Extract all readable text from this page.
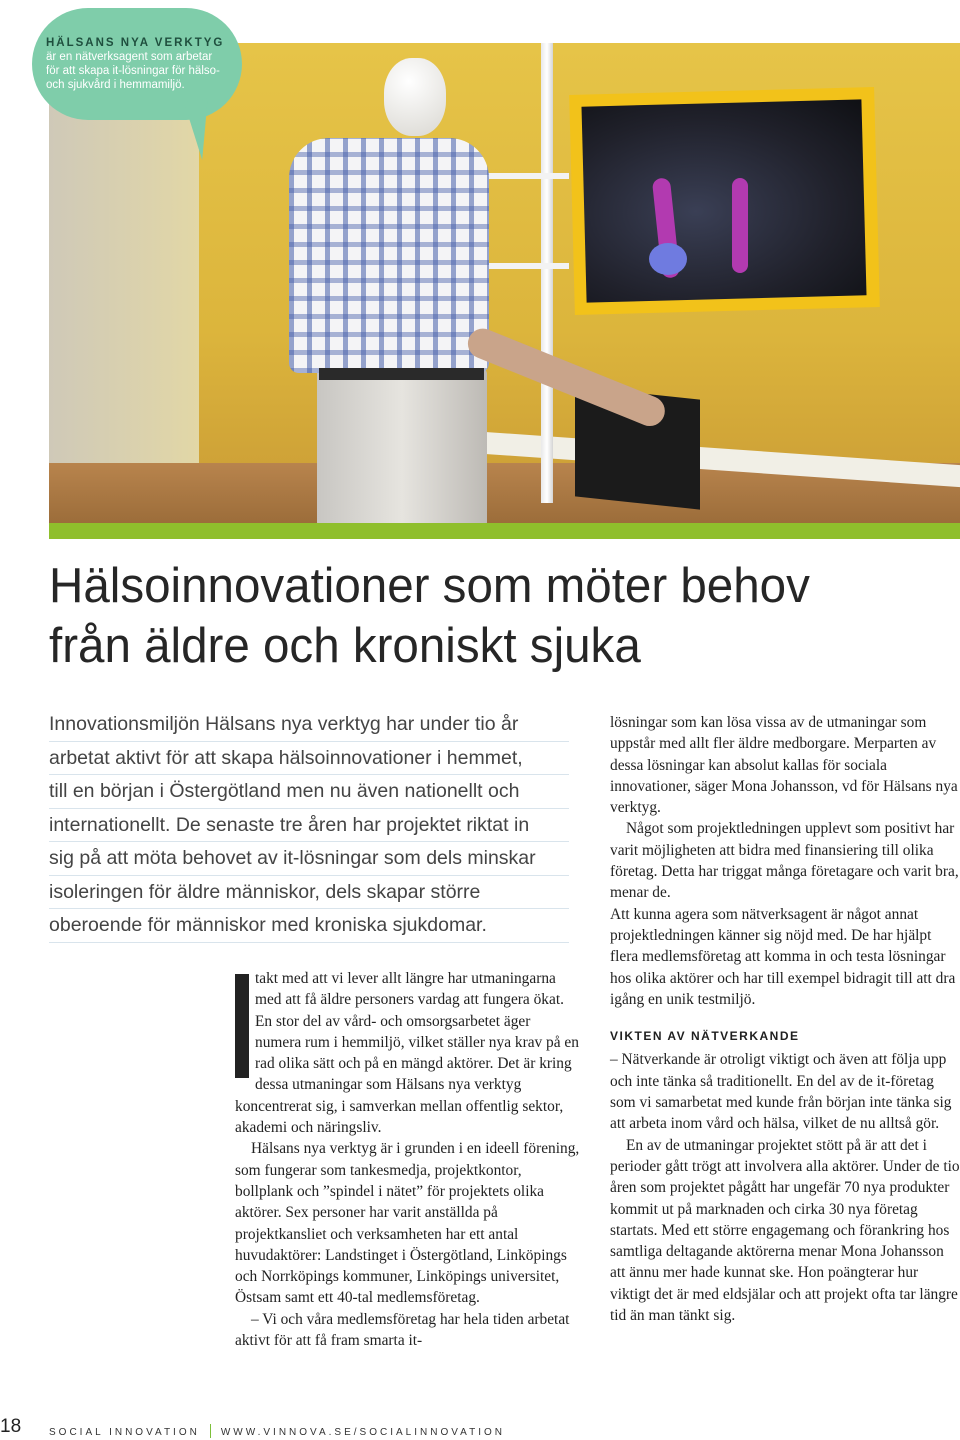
HÄLSANS NYA VERKTYG
är en nätverksagent som arbetar för att skapa it-lösningar för hälso- och sjukvård i hemmamiljö.
Hälsoinnovationer som möter behov
från äldre och kroniskt sjuka

Innovationsmiljön Hälsans nya verktyg har under tio år
arbetat aktivt för att skapa hälsoinnovationer i hemmet,
till en början i Östergötland men nu även nationellt och
internationellt. De senaste tre åren har projektet riktat in
sig på att möta behovet av it-lösningar som dels minskar
isoleringen för äldre människor, dels skapar större
oberoende för människor med kroniska sjukdomar.

takt med att vi lever allt längre har utmaningarna med att få äldre personers vardag att fungera ökat. En stor del av vård- och omsorgsarbetet äger numera rum i hemmiljö, vilket ställer nya krav på en rad olika sätt och på en mängd aktörer. Det är kring dessa utmaningar som Hälsans nya verktyg koncentrerat sig, i samverkan mellan offentlig sektor, akademi och näringsliv.

Hälsans nya verktyg är i grunden i en ideell förening, som fungerar som tankesmedja, projektkontor, bollplank och ”spindel i nätet” för projektets olika aktörer. Sex personer har varit anställda på projektkansliet och verksamheten har ett antal huvudaktörer: Landstinget i Östergötland, Linköpings och Norrköpings kommuner, Linköpings universitet, Östsam samt ett 40-tal medlemsföretag.

– Vi och våra medlemsföretag har hela tiden arbetat aktivt för att få fram smarta it-

lösningar som kan lösa vissa av de utmaningar som uppstår med allt fler äldre medborgare. Merparten av dessa lösningar kan absolut kallas för sociala innovationer, säger Mona Johansson, vd för Hälsans nya verktyg.

Något som projektledningen upplevt som positivt har varit möjligheten att bidra med finansiering till olika företag. Detta har triggat många företagare och varit bra, menar de.

Att kunna agera som nätverksagent är något annat projektledningen känner sig nöjd med. De har hjälpt flera medlemsföretag att komma in och testa lösningar hos olika aktörer och har till exempel bidragit till att dra igång en unik testmiljö.

VIKTEN AV NÄTVERKANDE

– Nätverkande är otroligt viktigt och även att följa upp och inte tänka så traditionellt. En del av de it-företag som vi samarbetat med kunde från början inte tänka sig att arbeta inom vård och hälsa, vilket de nu alltså gör.

En av de utmaningar projektet stött på är att det i perioder gått trögt att involvera alla aktörer. Under de tio åren som projektet pågått har ungefär 70 nya produkter kommit ut på marknaden och cirka 30 nya företag startats. Med ett större engagemang och förankring hos samtliga deltagande aktörerna menar Mona Johansson att ännu mer hade kunnat ske. Hon poängterar hur viktigt det är med eldsjälar och att projekt ofta tar längre tid än man tänkt sig.

18	SOCIAL INNOVATION WWW.VINNOVA.SE/SOCIALINNOVATION
